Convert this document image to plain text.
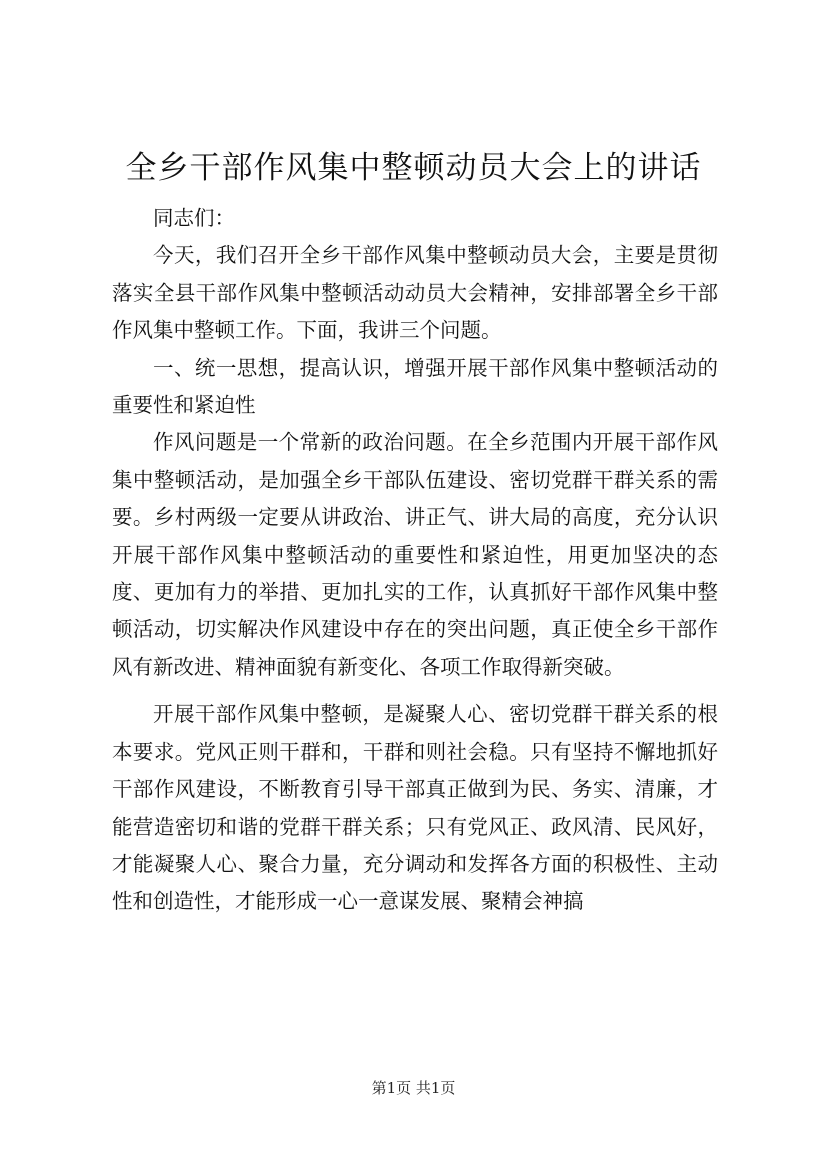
全乡干部作风集中整顿动员大会上的讲话

同志们：

今天，我们召开全乡干部作风集中整顿动员大会，主要是贯彻落实全县干部作风集中整顿活动动员大会精神，安排部署全乡干部作风集中整顿工作。下面，我讲三个问题。

一、统一思想，提高认识，增强开展干部作风集中整顿活动的重要性和紧迫性

作风问题是一个常新的政治问题。在全乡范围内开展干部作风集中整顿活动，是加强全乡干部队伍建设、密切党群干群关系的需要。乡村两级一定要从讲政治、讲正气、讲大局的高度，充分认识开展干部作风集中整顿活动的重要性和紧迫性，用更加坚决的态度、更加有力的举措、更加扎实的工作，认真抓好干部作风集中整顿活动，切实解决作风建设中存在的突出问题，真正使全乡干部作风有新改进、精神面貌有新变化、各项工作取得新突破。

开展干部作风集中整顿，是凝聚人心、密切党群干群关系的根本要求。党风正则干群和，干群和则社会稳。只有坚持不懈地抓好干部作风建设，不断教育引导干部真正做到为民、务实、清廉，才能营造密切和谐的党群干群关系；只有党风正、政风清、民风好，才能凝聚人心、聚合力量，充分调动和发挥各方面的积极性、主动性和创造性，才能形成一心一意谋发展、聚精会神搞

第1页 共1页
